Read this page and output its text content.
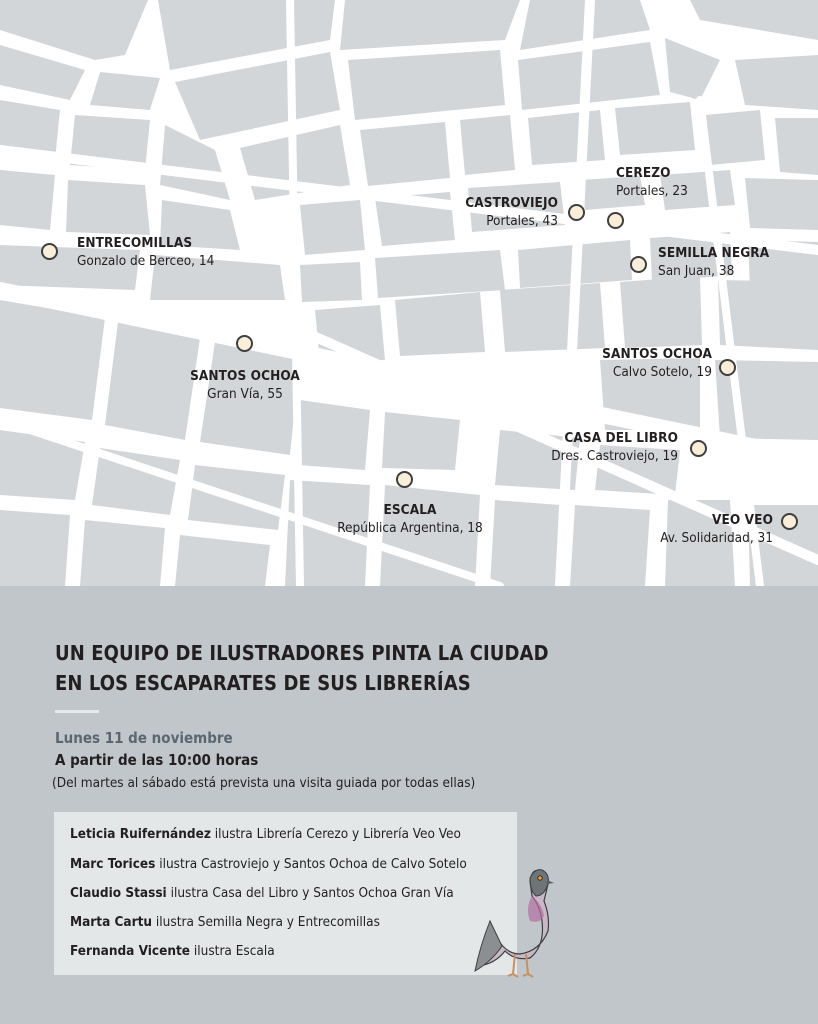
ENTRECOMILLAS
Gonzalo de Berceo, 14
CASTROVIEJO
Portales, 43
CEREZO
Portales, 23
SEMILLA NEGRA
San Juan, 38
SANTOS OCHOA
Gran Vía, 55
SANTOS OCHOA
Calvo Sotelo, 19
CASA DEL LIBRO
Dres. Castroviejo, 19
ESCALA
República Argentina, 18	VEO VEO
Av. Solidaridad, 31
UN EQUIPO DE ILUSTRADORES PINTA LA CIUDAD
EN LOS ESCAPARATES DE SUS LIBRERÍAS
Lunes 11 de noviembre
A partir de las 10:00 horas
(Del martes al sábado está prevista una visita guiada por todas ellas)
Leticia Ruifernández ilustra Librería Cerezo y Librería Veo Veo
Marc Torices ilustra Castroviejo y Santos Ochoa de Calvo Sotelo
Claudio Stassi ilustra Casa del Libro y Santos Ochoa Gran Vía
Marta Cartu ilustra Semilla Negra y Entrecomillas
Fernanda Vicente ilustra Escala
